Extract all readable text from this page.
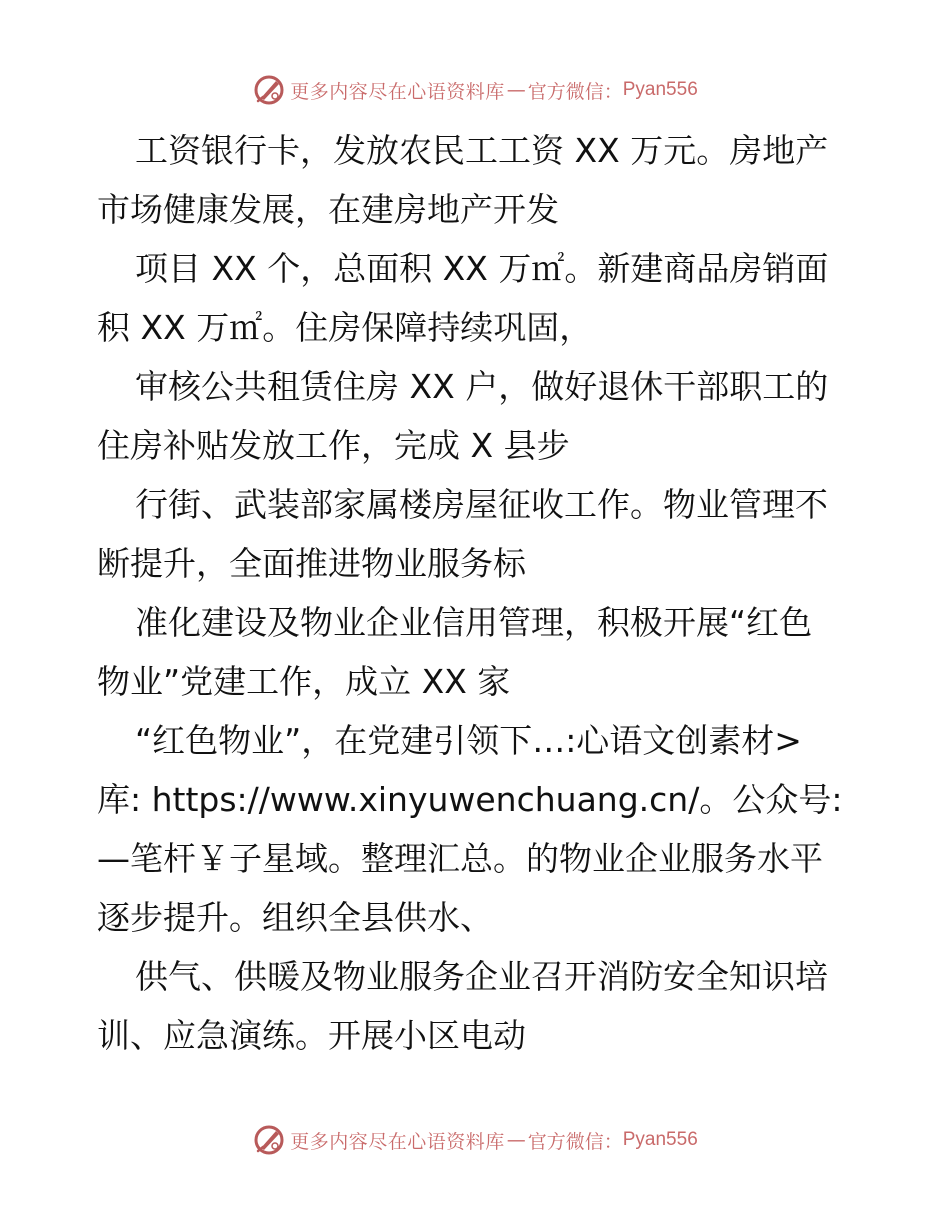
更多内容尽在心语资料库 — 官方微信： Pyan556
工资银行卡，发放农民工工资 XX 万元。房地产
市场健康发展，在建房地产开发
项目 XX 个，总面积 XX 万㎡。新建商品房销面
积 XX 万㎡。住房保障持续巩固，
审核公共租赁住房 XX 户，做好退休干部职工的
住房补贴发放工作，完成 X 县步
行街、武装部家属楼房屋征收工作。物业管理不
断提升，全面推进物业服务标
准化建设及物业企业信用管理，积极开展“红色
物业”党建工作，成立 XX 家
“红色物业”，在党建引领下…:心语文创素材>
库: https://www.xinyuwenchuang.cn/。公众号:
—笔杆￥子星域。整理汇总。的物业企业服务水平
逐步提升。组织全县供水、
供气、供暖及物业服务企业召开消防安全知识培
训、应急演练。开展小区电动
更多内容尽在心语资料库 — 官方微信： Pyan556
